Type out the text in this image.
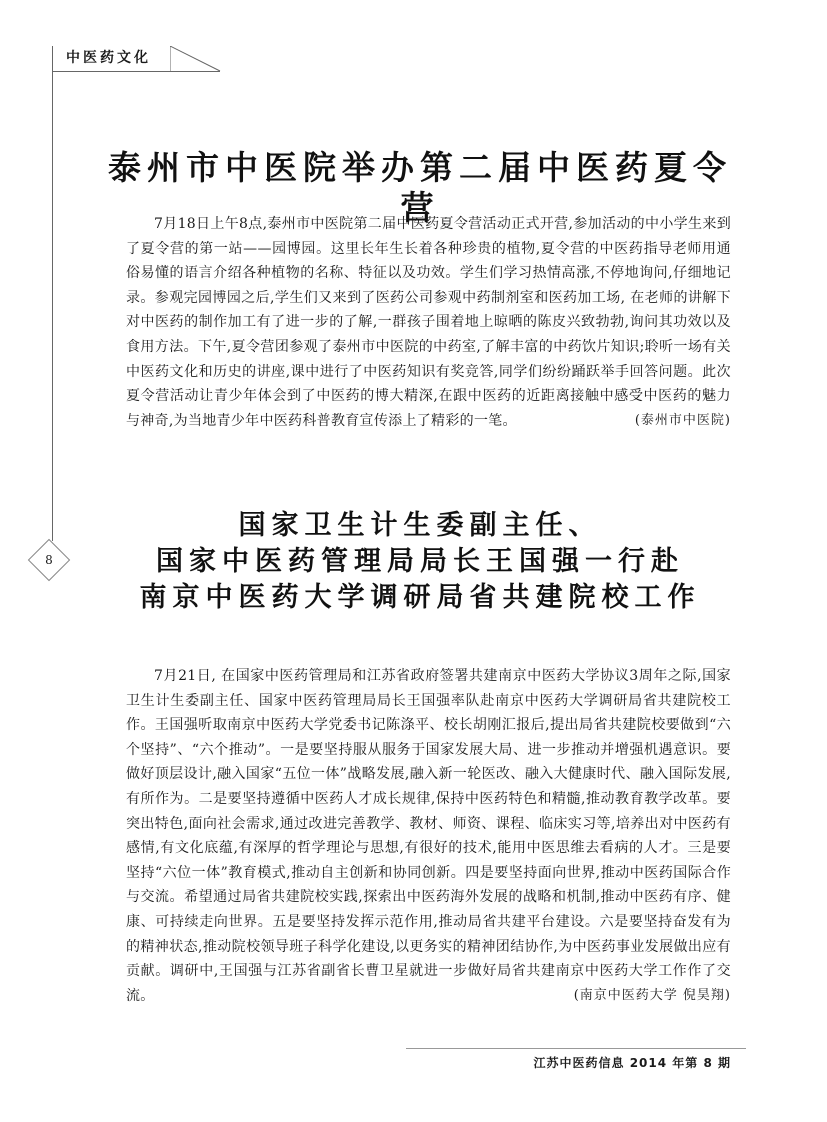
中医药文化
8
泰州市中医院举办第二届中医药夏令营

7月18日上午8点,泰州市中医院第二届中医药夏令营活动正式开营,参加活动的中小学生来到了夏令营的第一站——园博园。这里长年生长着各种珍贵的植物,夏令营的中医药指导老师用通俗易懂的语言介绍各种植物的名称、特征以及功效。学生们学习热情高涨,不停地询问,仔细地记录。参观完园博园之后,学生们又来到了医药公司参观中药制剂室和医药加工场, 在老师的讲解下对中医药的制作加工有了进一步的了解,一群孩子围着地上晾晒的陈皮兴致勃勃,询问其功效以及食用方法。下午,夏令营团参观了泰州市中医院的中药室,了解丰富的中药饮片知识;聆听一场有关中医药文化和历史的讲座,课中进行了中医药知识有奖竞答,同学们纷纷踊跃举手回答问题。此次夏令营活动让青少年体会到了中医药的博大精深,在跟中医药的近距离接触中感受中医药的魅力与神奇,为当地青少年中医药科普教育宣传添上了精彩的一笔。	(泰州市中医院)

国家卫生计生委副主任、
国家中医药管理局局长王国强一行赴
南京中医药大学调研局省共建院校工作

7月21日, 在国家中医药管理局和江苏省政府签署共建南京中医药大学协议3周年之际,国家卫生计生委副主任、国家中医药管理局局长王国强率队赴南京中医药大学调研局省共建院校工作。王国强听取南京中医药大学党委书记陈涤平、校长胡刚汇报后,提出局省共建院校要做到“六个坚持”、“六个推动”。一是要坚持服从服务于国家发展大局、进一步推动并增强机遇意识。要做好顶层设计,融入国家“五位一体”战略发展,融入新一轮医改、融入大健康时代、融入国际发展,有所作为。二是要坚持遵循中医药人才成长规律,保持中医药特色和精髓,推动教育教学改革。要突出特色,面向社会需求,通过改进完善教学、教材、师资、课程、临床实习等,培养出对中医药有感情,有文化底蕴,有深厚的哲学理论与思想,有很好的技术,能用中医思维去看病的人才。三是要坚持“六位一体”教育模式,推动自主创新和协同创新。四是要坚持面向世界,推动中医药国际合作与交流。希望通过局省共建院校实践,探索出中医药海外发展的战略和机制,推动中医药有序、健康、可持续走向世界。五是要坚持发挥示范作用,推动局省共建平台建设。六是要坚持奋发有为的精神状态,推动院校领导班子科学化建设,以更务实的精神团结协作,为中医药事业发展做出应有贡献。调研中,王国强与江苏省副省长曹卫星就进一步做好局省共建南京中医药大学工作作了交流。	(南京中医药大学 倪昊翔)

江苏中医药信息 2014 年第 8 期
